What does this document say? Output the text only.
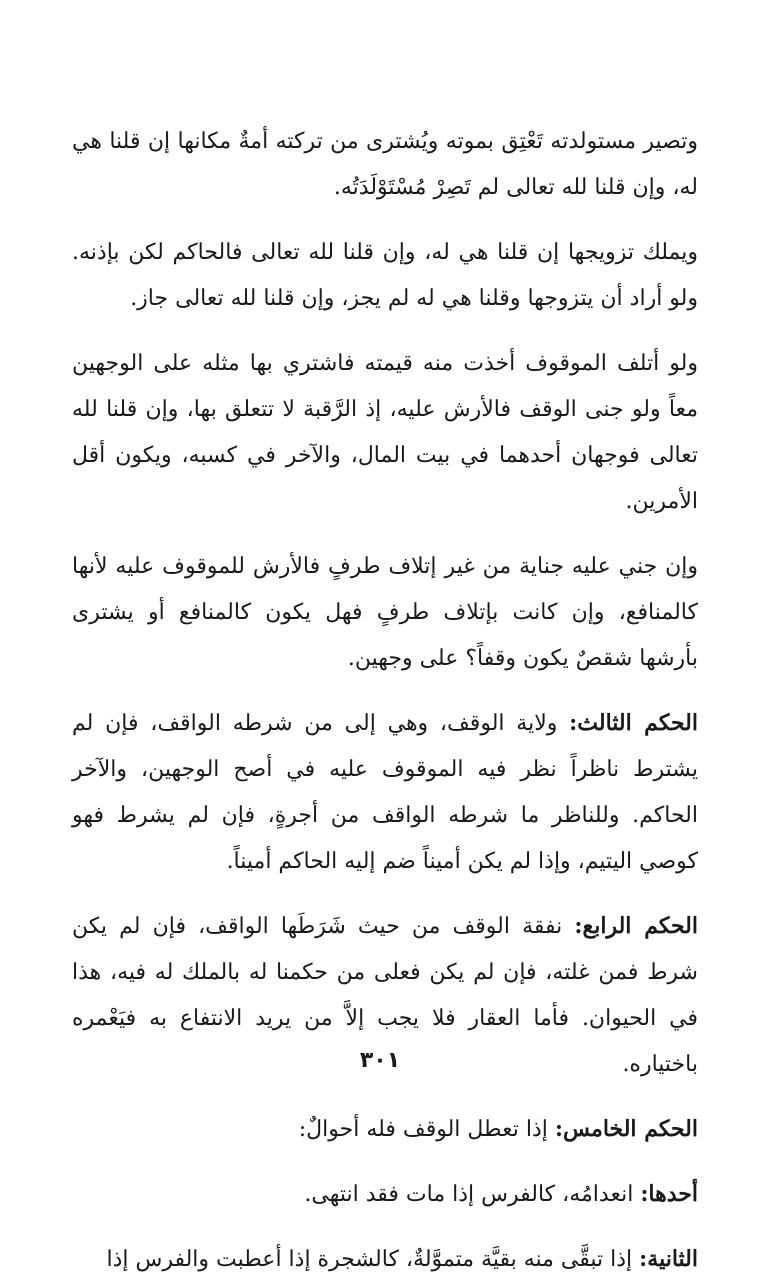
وتصير مستولدته تَعْتِق بموته ويُشترى من تركته أمةٌ مكانها إن قلنا هي له، وإن قلنا لله تعالى لم تَصِرْ مُسْتَوْلَدَتُه.

ويملك تزويجها إن قلنا هي له، وإن قلنا لله تعالى فالحاكم لكن بإذنه. ولو أراد أن يتزوجها وقلنا هي له لم يجز، وإن قلنا لله تعالى جاز.

ولو أتلف الموقوف أخذت منه قيمته فاشتري بها مثله على الوجهين معاً ولو جنى الوقف فالأرش عليه، إذ الرَّقبة لا تتعلق بها، وإن قلنا لله تعالى فوجهان أحدهما في بيت المال، والآخر في كسبه، ويكون أقل الأمرين.

وإن جني عليه جناية من غير إتلاف طرفٍ فالأرش للموقوف عليه لأنها كالمنافع، وإن كانت بإتلاف طرفٍ فهل يكون كالمنافع أو يشترى بأرشها شقصٌ يكون وقفاً؟ على وجهين.

الحكم الثالث: ولاية الوقف، وهي إلى من شرطه الواقف، فإن لم يشترط ناظراً نظر فيه الموقوف عليه في أصح الوجهين، والآخر الحاكم. وللناظر ما شرطه الواقف من أجرةٍ، فإن لم يشرط فهو كوصي اليتيم، وإذا لم يكن أميناً ضم إليه الحاكم أميناً.

الحكم الرابع: نفقة الوقف من حيث شَرَطَها الواقف، فإن لم يكن شرط فمن غلته، فإن لم يكن فعلى من حكمنا له بالملك له فيه، هذا في الحيوان. فأما العقار فلا يجب إلاَّ من يريد الانتفاع به فيَعْمره باختياره.

الحكم الخامس: إذا تعطل الوقف فله أحوالٌ:

أحدها: انعدامُه، كالفرس إذا مات فقد انتهى.

الثانية: إذا تبقَّى منه بقيَّة متموَّلةٌ، كالشجرة إذا أعطبت والفرس إذا

٣٠١
